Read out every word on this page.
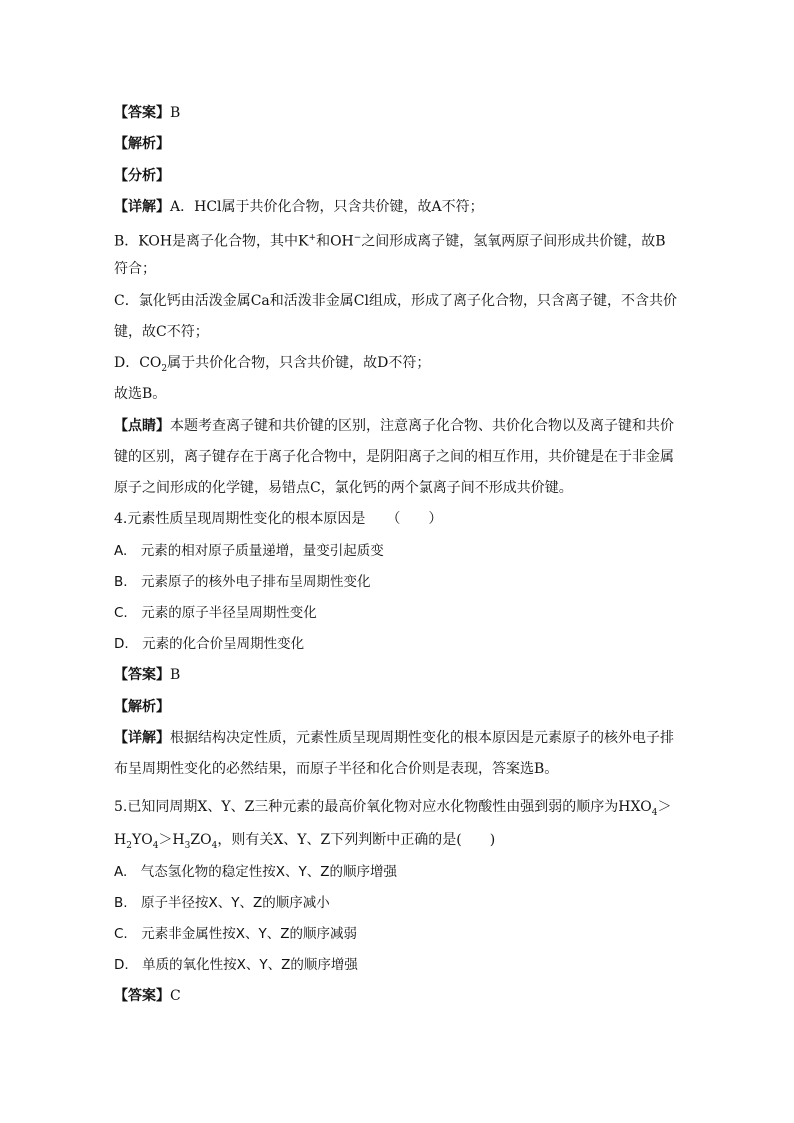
【答案】B
【解析】
【分析】
【详解】A．HCl属于共价化合物，只含共价键，故A不符；
B．KOH是离子化合物，其中K+和OH−之间形成离子键，氢氧两原子间形成共价键，故B
符合；
C．氯化钙由活泼金属Ca和活泼非金属Cl组成，形成了离子化合物，只含离子键，不含共价
键，故C不符；
D．$CO_2$属于共价化合物，只含共价键，故D不符；
故选B。
【点睛】本题考查离子键和共价键的区别，注意离子化合物、共价化合物以及离子键和共价
键的区别，离子键存在于离子化合物中，是阴阳离子之间的相互作用，共价键是在于非金属
原子之间形成的化学键，易错点C，氯化钙的两个氯离子间不形成共价键。
4.元素性质呈现周期性变化的根本原因是　　（　　）
A.　元素的相对原子质量递增，量变引起质变
B.　元素原子的核外电子排布呈周期性变化
C.　元素的原子半径呈周期性变化
D.　元素的化合价呈周期性变化
【答案】B
【解析】
【详解】根据结构决定性质，元素性质呈现周期性变化的根本原因是元素原子的核外电子排
布呈周期性变化的必然结果，而原子半径和化合价则是表现，答案选B。
5.已知同周期X、Y、Z三种元素的最高价氧化物对应水化物酸性由强到弱的顺序为$HXO_4>$
$H_2YO_4>H_3ZO_4$，则有关X、Y、Z下列判断中正确的是(　　)
A.　气态氢化物的稳定性按X、Y、Z的顺序增强
B.　原子半径按X、Y、Z的顺序减小
C.　元素非金属性按X、Y、Z的顺序减弱
D.　单质的氧化性按X、Y、Z的顺序增强
【答案】C
